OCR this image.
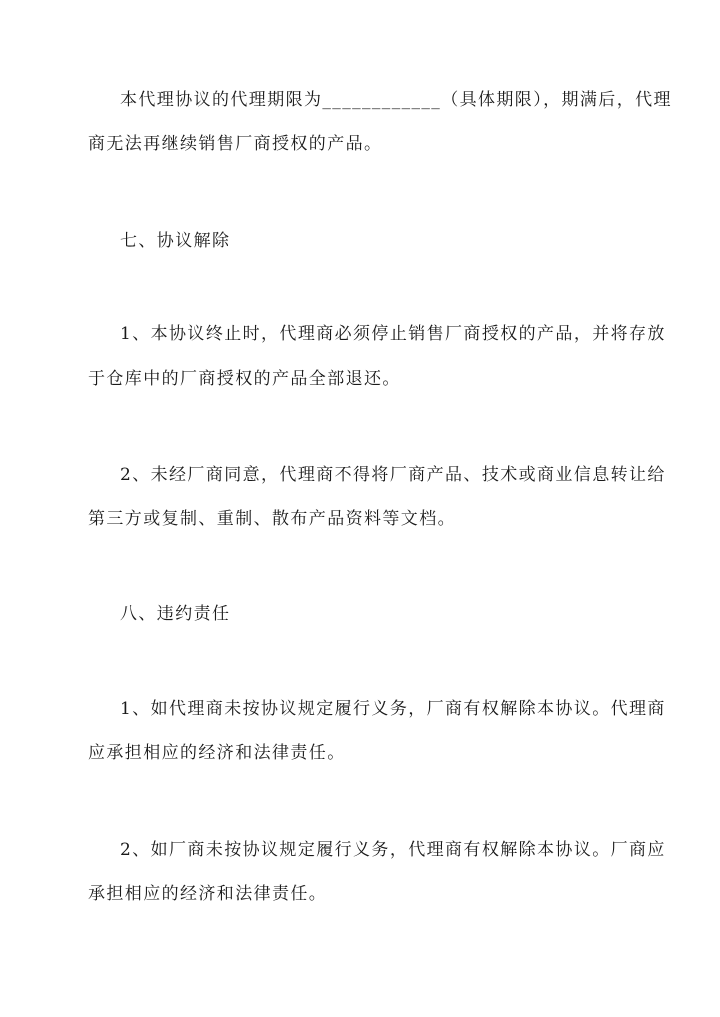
本代理协议的代理期限为____________（具体期限），期满后，代理
商无法再继续销售厂商授权的产品。
七、协议解除
1、本协议终止时，代理商必须停止销售厂商授权的产品，并将存放
于仓库中的厂商授权的产品全部退还。
2、未经厂商同意，代理商不得将厂商产品、技术或商业信息转让给
第三方或复制、重制、散布产品资料等文档。
八、违约责任
1、如代理商未按协议规定履行义务，厂商有权解除本协议。代理商
应承担相应的经济和法律责任。
2、如厂商未按协议规定履行义务，代理商有权解除本协议。厂商应
承担相应的经济和法律责任。
